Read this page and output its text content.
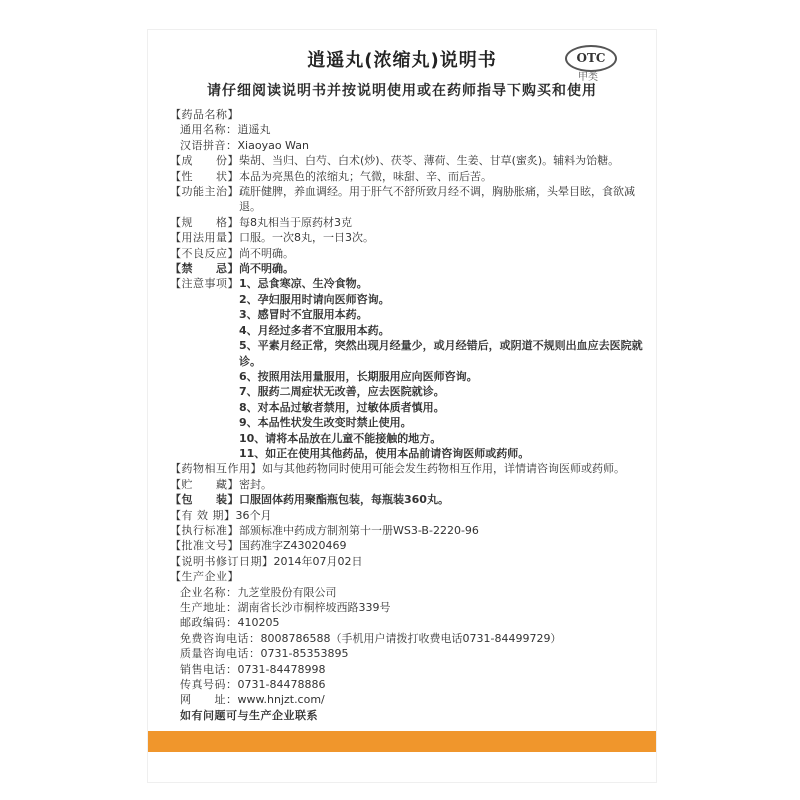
OTC
甲类
逍遥丸(浓缩丸)说明书
请仔细阅读说明书并按说明使用或在药师指导下购买和使用
【药品名称】
通用名称： 逍遥丸
汉语拼音： Xiaoyao Wan
【成　　份】 柴胡、当归、白芍、白术(炒)、茯苓、薄荷、生姜、甘草(蜜炙)。辅料为饴糖。
【性　　状】 本品为亮黑色的浓缩丸；气微，味甜、辛、而后苦。
【功能主治】 疏肝健脾，养血调经。用于肝气不舒所致月经不调，胸胁胀痛，头晕目眩，食欲减退。
【规　　格】 每8丸相当于原药材3克
【用法用量】 口服。一次8丸，一日3次。
【不良反应】 尚不明确。
【禁　　忌】 尚不明确。
【注意事项】 1、忌食寒凉、生冷食物。
2、孕妇服用时请向医师咨询。
3、感冒时不宜服用本药。
4、月经过多者不宜服用本药。
5、平素月经正常，突然出现月经量少，或月经错后，或阴道不规则出血应去医院就诊。
6、按照用法用量服用，长期服用应向医师咨询。
7、服药二周症状无改善，应去医院就诊。
8、对本品过敏者禁用，过敏体质者慎用。
9、本品性状发生改变时禁止使用。
10、请将本品放在儿童不能接触的地方。
11、如正在使用其他药品，使用本品前请咨询医师或药师。
【药物相互作用】 如与其他药物同时使用可能会发生药物相互作用，详情请咨询医师或药师。
【贮　　藏】 密封。
【包　　装】 口服固体药用聚酯瓶包装，每瓶装360丸。
【有 效 期】 36个月
【执行标准】 部颁标准中药成方制剂第十一册WS3-B-2220-96
【批准文号】 国药准字Z43020469
【说明书修订日期】 2014年07月02日
【生产企业】
企业名称： 九芝堂股份有限公司
生产地址： 湖南省长沙市桐梓坡西路339号
邮政编码： 410205
免费咨询电话： 8008786588（手机用户请拨打收费电话0731-84499729）
质量咨询电话： 0731-85353895
销售电话： 0731-84478998
传真号码： 0731-84478886
网　　址： www.hnjzt.com/
如有问题可与生产企业联系
